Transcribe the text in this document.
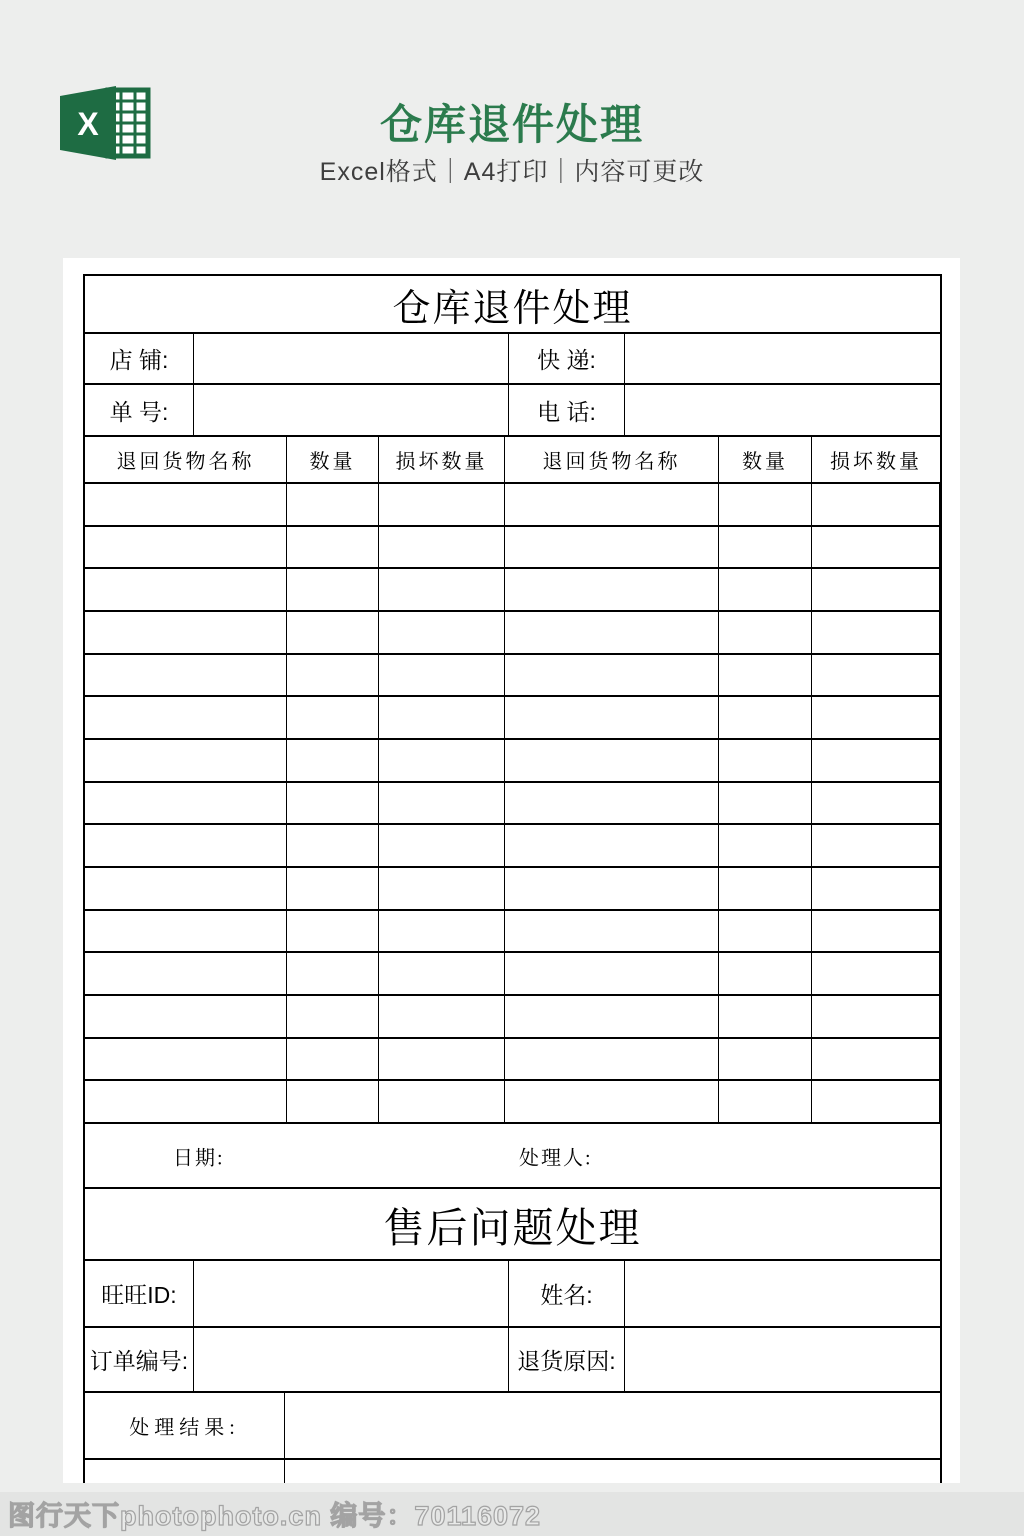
X	仓库退件处理
Excel格式｜A4打印｜内容可更改
仓库退件处理
店 铺:	快 递:
单 号:	电 话:
退回货物名称	数量	损坏数量	退回货物名称	数量	损坏数量
日期:	处理人:
售后问题处理
旺旺ID:	姓名:
订单编号:	退货原因:
处理结果:
图行天下photophoto.cn 编号：70116072
